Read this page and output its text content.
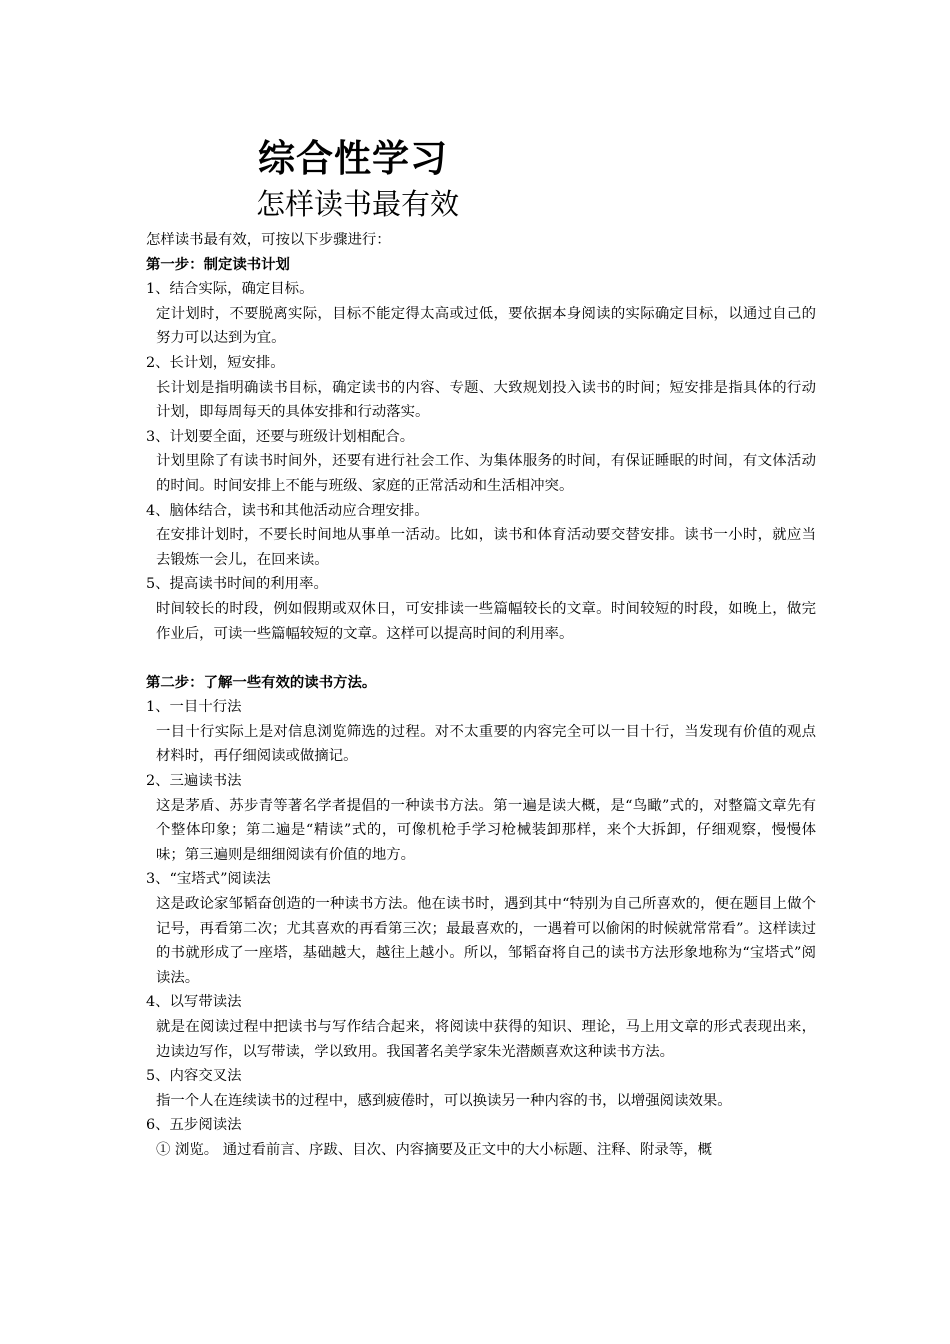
综合性学习
怎样读书最有效

怎样读书最有效，可按以下步骤进行：

第一步：制定读书计划

1、结合实际，确定目标。

定计划时，不要脱离实际，目标不能定得太高或过低，要依据本身阅读的实际确定目标，以通过自己的努力可以达到为宜。

2、长计划，短安排。

长计划是指明确读书目标，确定读书的内容、专题、大致规划投入读书的时间；短安排是指具体的行动计划，即每周每天的具体安排和行动落实。

3、计划要全面，还要与班级计划相配合。

计划里除了有读书时间外，还要有进行社会工作、为集体服务的时间，有保证睡眠的时间，有文体活动的时间。时间安排上不能与班级、家庭的正常活动和生活相冲突。

4、脑体结合，读书和其他活动应合理安排。

在安排计划时，不要长时间地从事单一活动。比如，读书和体育活动要交替安排。读书一小时，就应当去锻炼一会儿，在回来读。

5、提高读书时间的利用率。

时间较长的时段，例如假期或双休日，可安排读一些篇幅较长的文章。时间较短的时段，如晚上，做完作业后，可读一些篇幅较短的文章。这样可以提高时间的利用率。

第二步：了解一些有效的读书方法。

1、一目十行法

一目十行实际上是对信息浏览筛选的过程。对不太重要的内容完全可以一目十行，当发现有价值的观点材料时，再仔细阅读或做摘记。

2、三遍读书法

这是茅盾、苏步青等著名学者提倡的一种读书方法。第一遍是读大概，是“鸟瞰”式的，对整篇文章先有个整体印象；第二遍是“精读”式的，可像机枪手学习枪械装卸那样，来个大拆卸，仔细观察，慢慢体味；第三遍则是细细阅读有价值的地方。

3、“宝塔式”阅读法

这是政论家邹韬奋创造的一种读书方法。他在读书时，遇到其中“特别为自己所喜欢的，便在题目上做个记号，再看第二次；尤其喜欢的再看第三次；最最喜欢的，一遇着可以偷闲的时候就常常看”。这样读过的书就形成了一座塔，基础越大，越往上越小。所以，邹韬奋将自己的读书方法形象地称为“宝塔式”阅读法。

4、以写带读法

就是在阅读过程中把读书与写作结合起来，将阅读中获得的知识、理论，马上用文章的形式表现出来，边读边写作，以写带读，学以致用。我国著名美学家朱光潜颇喜欢这种读书方法。

5、内容交叉法

指一个人在连续读书的过程中，感到疲倦时，可以换读另一种内容的书，以增强阅读效果。

6、五步阅读法

① 浏览。 通过看前言、序跋、目次、内容摘要及正文中的大小标题、注释、附录等，概
